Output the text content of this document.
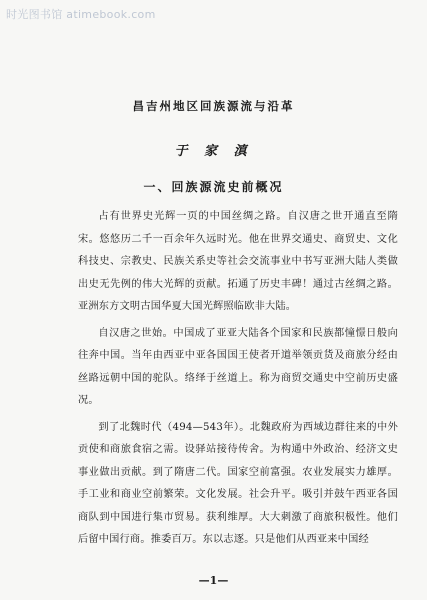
时光图书馆 atimebook.com
昌吉州地区回族源流与沿革
于 家 滇
一、回族源流史前概况

占有世界史光辉一页的中国丝绸之路。自汉唐之世开通直至隋宋。悠悠历二千一百余年久远时光。他在世界交通史、商贸史、文化科技史、宗教史、民族关系史等社会交流事业中书写亚洲大陆人类做出史无先例的伟大光辉的贡献。拓通了历史丰碑！通过古丝绸之路。亚洲东方文明古国华夏大国光辉照临欧非大陆。

自汉唐之世始。中国成了亚亚大陆各个国家和民族都憧憬日般向往奔中国。当年由西亚中亚各国国王使者开道举领贡货及商旅分经由丝路远朝中国的驼队。络绎于丝道上。称为商贸交通史中空前历史盛况。

到了北魏时代（494—543年）。北魏政府为西域边群往来的中外贡使和商旅食宿之需。设驿站接待传舍。为构通中外政治、经济文史事业做出贡献。到了隋唐二代。国家空前富强。农业发展实力雄厚。手工业和商业空前繁荣。文化发展。社会升平。吸引并鼓午西亚各国商队到中国进行集市贸易。获利维厚。大大刺激了商旅积极性。他们后留中国行商。推委百万。东以志逐。只是他们从西亚来中国经

—1—
